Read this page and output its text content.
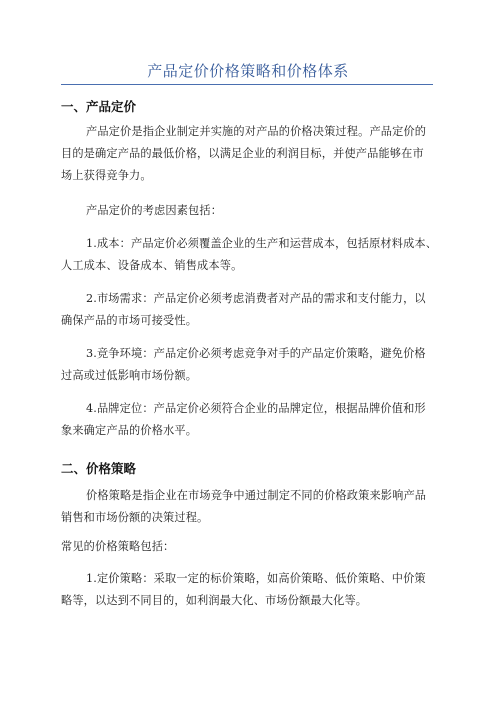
产品定价价格策略和价格体系
一、产品定价
产品定价是指企业制定并实施的对产品的价格决策过程。产品定价的
目的是确定产品的最低价格，以满足企业的利润目标，并使产品能够在市
场上获得竞争力。
产品定价的考虑因素包括：
1.成本：产品定价必须覆盖企业的生产和运营成本，包括原材料成本、
人工成本、设备成本、销售成本等。
2.市场需求：产品定价必须考虑消费者对产品的需求和支付能力，以
确保产品的市场可接受性。
3.竞争环境：产品定价必须考虑竞争对手的产品定价策略，避免价格
过高或过低影响市场份额。
4.品牌定位：产品定价必须符合企业的品牌定位，根据品牌价值和形
象来确定产品的价格水平。
二、价格策略
价格策略是指企业在市场竞争中通过制定不同的价格政策来影响产品
销售和市场份额的决策过程。
常见的价格策略包括：
1.定价策略：采取一定的标价策略，如高价策略、低价策略、中价策
略等，以达到不同目的，如利润最大化、市场份额最大化等。
